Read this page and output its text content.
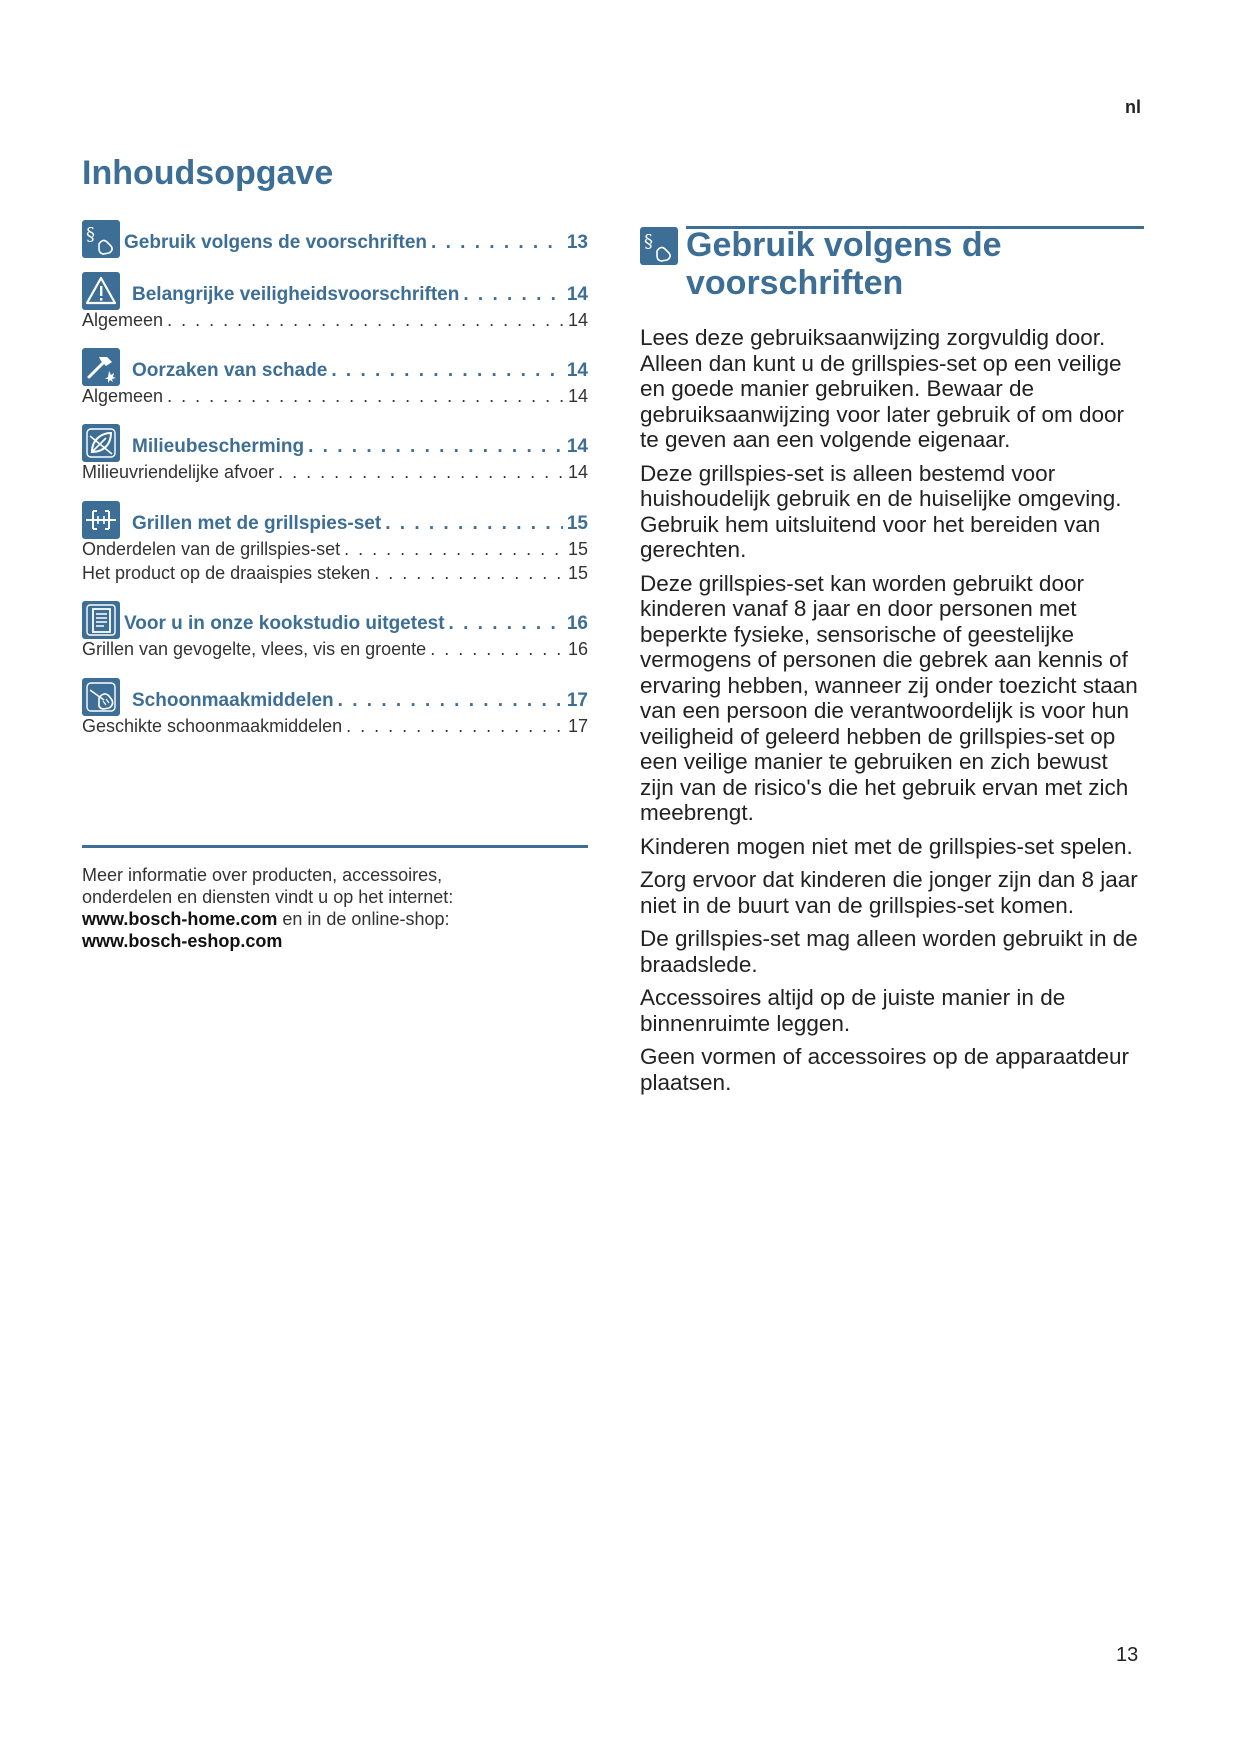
nl
Inhoudsopgave
§ Gebruik volgens de voorschriften . . .	13
Belangrijke veiligheidsvoorschriften . . .	14
Algemeen . . .	14
Oorzaken van schade . . .	14
Algemeen . . .	14
Milieubescherming . . .	14
Milieuvriendelijke afvoer . . .	14
Grillen met de grillspies-set . . .	15
Onderdelen van de grillspies-set . . .	15
Het product op de draaispies steken . . .	15
Voor u in onze kookstudio uitgetest . . .	16
Grillen van gevogelte, vlees, vis en groente . . .	16
Schoonmaakmiddelen . . .	17
Geschikte schoonmaakmiddelen . . .	17
Meer informatie over producten, accessoires,
onderdelen en diensten vindt u op het internet:
www.bosch-home.com en in de online-shop:
www.bosch-eshop.com
§ Gebruik volgens de voorschriften

Lees deze gebruiksaanwijzing zorgvuldig door. Alleen dan kunt u de grillspies-set op een veilige en goede manier gebruiken. Bewaar de gebruiksaanwijzing voor later gebruik of om door te geven aan een volgende eigenaar.

Deze grillspies-set is alleen bestemd voor huishoudelijk gebruik en de huiselijke omgeving. Gebruik hem uitsluitend voor het bereiden van gerechten.

Deze grillspies-set kan worden gebruikt door kinderen vanaf 8 jaar en door personen met beperkte fysieke, sensorische of geestelijke vermogens of personen die gebrek aan kennis of ervaring hebben, wanneer zij onder toezicht staan van een persoon die verantwoordelijk is voor hun veiligheid of geleerd hebben de grillspies-set op een veilige manier te gebruiken en zich bewust zijn van de risico's die het gebruik ervan met zich meebrengt.

Kinderen mogen niet met de grillspies-set spelen.

Zorg ervoor dat kinderen die jonger zijn dan 8 jaar niet in de buurt van de grillspies-set komen.

De grillspies-set mag alleen worden gebruikt in de braadslede.

Accessoires altijd op de juiste manier in de binnenruimte leggen.

Geen vormen of accessoires op de apparaatdeur plaatsen.

13
